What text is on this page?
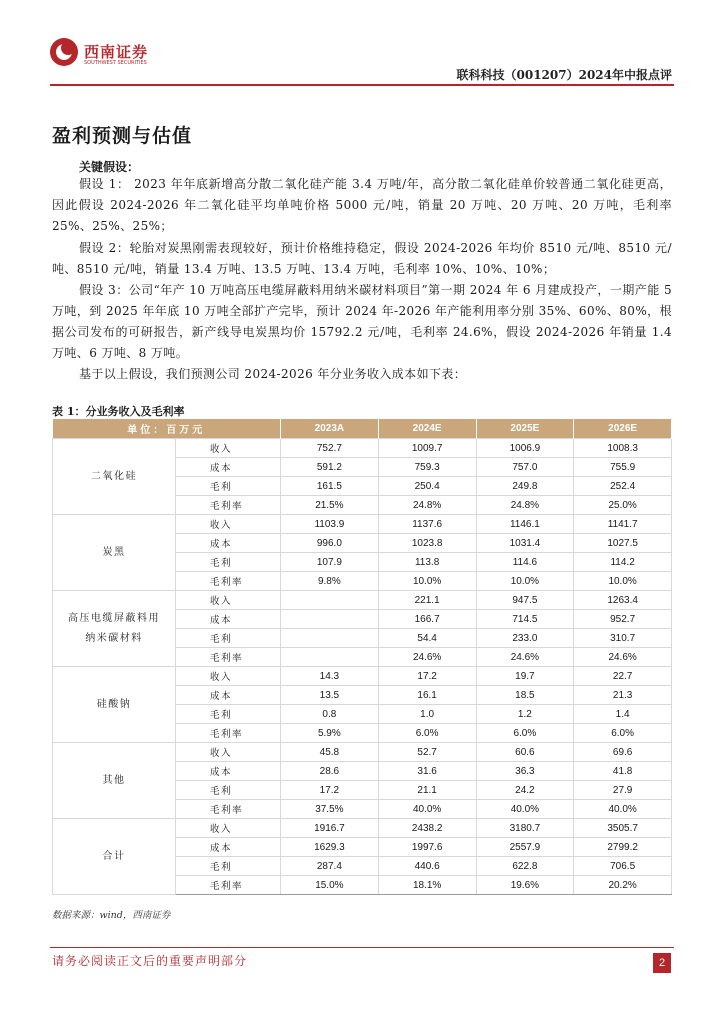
西南证券
SOUTHWEST SECURITIES
联科科技（001207）2024年中报点评
盈利预测与估值
关键假设：

假设 1： 2023 年年底新增高分散二氧化硅产能 3.4 万吨/年，高分散二氧化硅单价较普通二氧化硅更高，因此假设 2024-2026 年二氧化硅平均单吨价格 5000 元/吨，销量 20 万吨、20 万吨、20 万吨，毛利率 25%、25%、25%；

假设 2：轮胎对炭黑刚需表现较好，预计价格维持稳定，假设 2024-2026 年均价 8510 元/吨、8510 元/吨、8510 元/吨，销量 13.4 万吨、13.5 万吨、13.4 万吨，毛利率 10%、10%、10%；

假设 3：公司“年产 10 万吨高压电缆屏蔽料用纳米碳材料项目”第一期 2024 年 6 月建成投产，一期产能 5 万吨，到 2025 年年底 10 万吨全部扩产完毕，预计 2024 年-2026 年产能利用率分别 35%、60%、80%，根据公司发布的可研报告，新产线导电炭黑均价 15792.2 元/吨，毛利率 24.6%，假设 2024-2026 年销量 1.4 万吨、6 万吨、8 万吨。

基于以上假设，我们预测公司 2024-2026 年分业务收入成本如下表：

表 1：分业务收入及毛利率
单位：百万元		2023A	2024E	2025E	2026E

二氧化硅	收入	752.7	1009.7	1006.9	1008.3
	成本	591.2	759.3	757.0	755.9
	毛利	161.5	250.4	249.8	252.4
	毛利率	21.5%	24.8%	24.8%	25.0%

炭黑	收入	1103.9	1137.6	1146.1	1141.7
	成本	996.0	1023.8	1031.4	1027.5
	毛利	107.9	113.8	114.6	114.2
	毛利率	9.8%	10.0%	10.0%	10.0%

高压电缆屏蔽料用
纳米碳材料	收入		221.1	947.5	1263.4
	成本		166.7	714.5	952.7
	毛利		54.4	233.0	310.7
	毛利率		24.6%	24.6%	24.6%

硅酸钠	收入	14.3	17.2	19.7	22.7
	成本	13.5	16.1	18.5	21.3
	毛利	0.8	1.0	1.2	1.4
	毛利率	5.9%	6.0%	6.0%	6.0%

其他	收入	45.8	52.7	60.6	69.6
	成本	28.6	31.6	36.3	41.8
	毛利	17.2	21.1	24.2	27.9
	毛利率	37.5%	40.0%	40.0%	40.0%

合计	收入	1916.7	2438.2	3180.7	3505.7
	成本	1629.3	1997.6	2557.9	2799.2
	毛利	287.4	440.6	622.8	706.5
	毛利率	15.0%	18.1%	19.6%	20.2%
数据来源：wind，西南证券
请务必阅读正文后的重要声明部分	2
